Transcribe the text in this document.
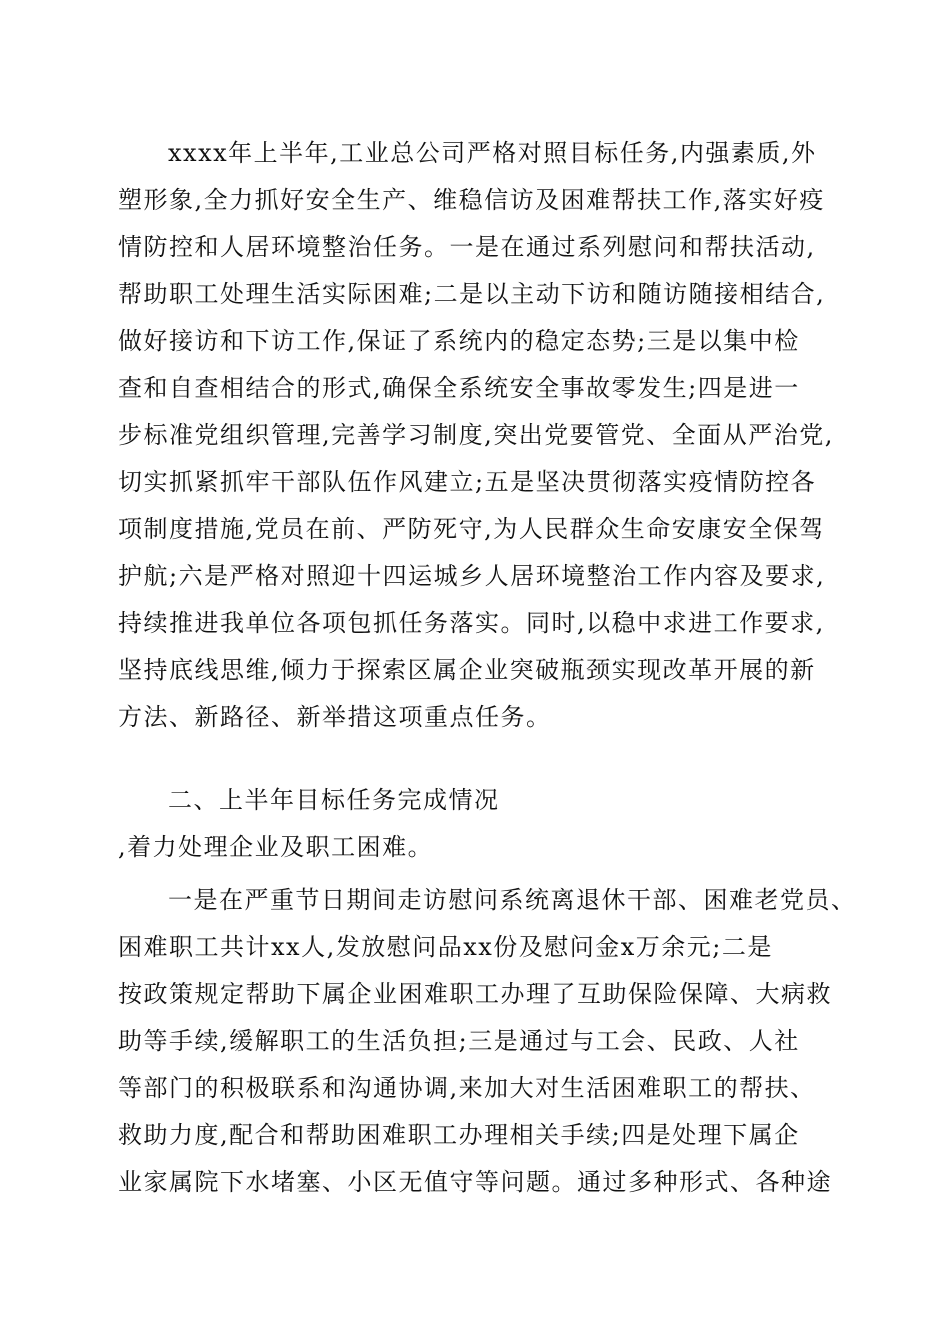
xxxx年上半年,工业总公司严格对照目标任务,内强素质,外
塑形象,全力抓好安全生产、维稳信访及困难帮扶工作,落实好疫
情防控和人居环境整治任务。一是在通过系列慰问和帮扶活动,
帮助职工处理生活实际困难;二是以主动下访和随访随接相结合,
做好接访和下访工作,保证了系统内的稳定态势;三是以集中检
查和自查相结合的形式,确保全系统安全事故零发生;四是进一
步标准党组织管理,完善学习制度,突出党要管党、全面从严治党,
切实抓紧抓牢干部队伍作风建立;五是坚决贯彻落实疫情防控各
项制度措施,党员在前、严防死守,为人民群众生命安康安全保驾
护航;六是严格对照迎十四运城乡人居环境整治工作内容及要求,
持续推进我单位各项包抓任务落实。同时,以稳中求进工作要求,
坚持底线思维,倾力于探索区属企业突破瓶颈实现改革开展的新
方法、新路径、新举措这项重点任务。
二、上半年目标任务完成情况
,着力处理企业及职工困难。
一是在严重节日期间走访慰问系统离退休干部、困难老党员、
困难职工共计xx人,发放慰问品xx份及慰问金x万余元;二是
按政策规定帮助下属企业困难职工办理了互助保险保障、大病救
助等手续,缓解职工的生活负担;三是通过与工会、民政、人社
等部门的积极联系和沟通协调,来加大对生活困难职工的帮扶、
救助力度,配合和帮助困难职工办理相关手续;四是处理下属企
业家属院下水堵塞、小区无值守等问题。通过多种形式、各种途
